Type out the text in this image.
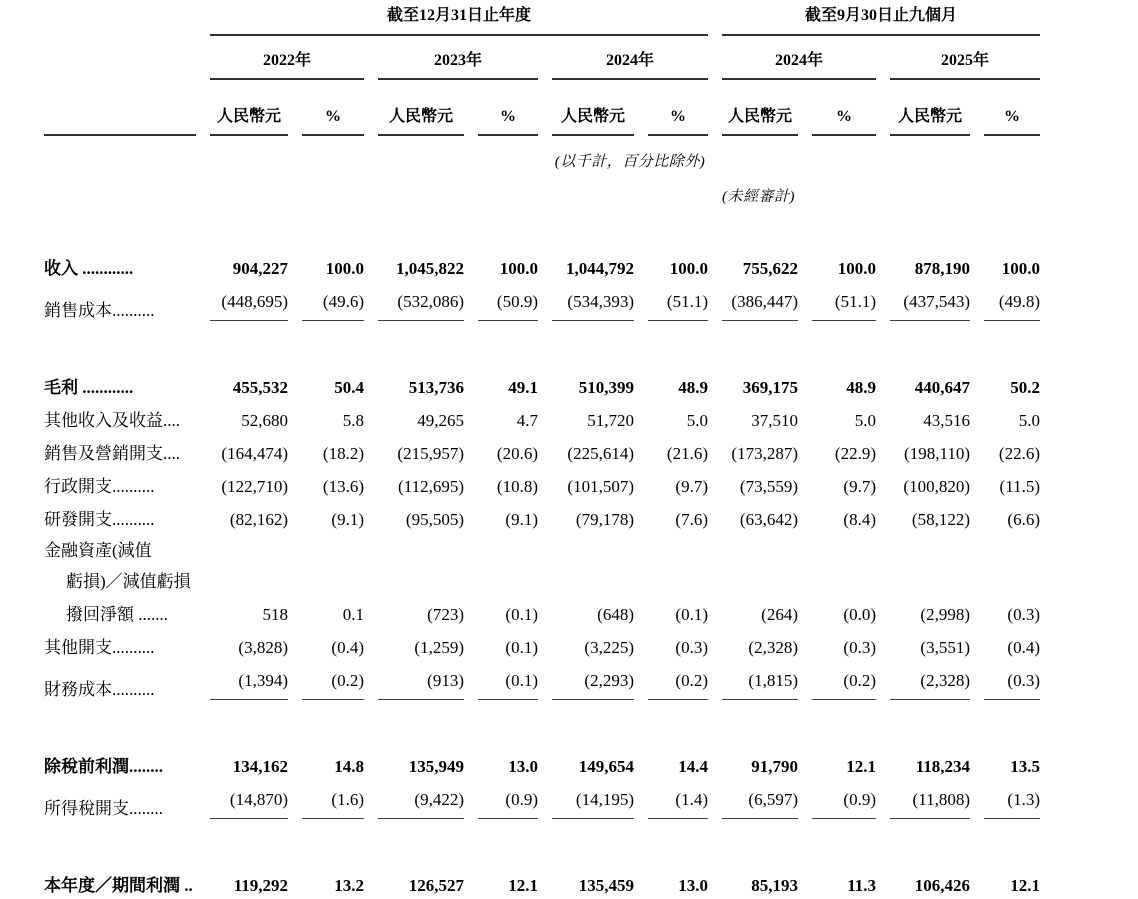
	截至12月31日止年度						截至9月30日止九個月			

	2022年		2023年		2024年		2024年		2025年	

	人民幣元	%	人民幣元	%	人民幣元	%	人民幣元	%	人民幣元	%
					(以千計，百分比除外)					
							(未經審計)			

收入 ............	904,227	100.0	1,045,822	100.0	1,044,792	100.0	755,622	100.0	878,190	100.0
銷售成本..........	(448,695)	(49.6)	(532,086)	(50.9)	(534,393)	(51.1)	(386,447)	(51.1)	(437,543)	(49.8)

毛利 ............	455,532	50.4	513,736	49.1	510,399	48.9	369,175	48.9	440,647	50.2
其他收入及收益....	52,680	5.8	49,265	4.7	51,720	5.0	37,510	5.0	43,516	5.0
銷售及營銷開支....	(164,474)	(18.2)	(215,957)	(20.6)	(225,614)	(21.6)	(173,287)	(22.9)	(198,110)	(22.6)
行政開支..........	(122,710)	(13.6)	(112,695)	(10.8)	(101,507)	(9.7)	(73,559)	(9.7)	(100,820)	(11.5)
研發開支..........	(82,162)	(9.1)	(95,505)	(9.1)	(79,178)	(7.6)	(63,642)	(8.4)	(58,122)	(6.6)
金融資產(減值										
虧損)／減值虧損										
撥回淨額 .......	518	0.1	(723)	(0.1)	(648)	(0.1)	(264)	(0.0)	(2,998)	(0.3)
其他開支..........	(3,828)	(0.4)	(1,259)	(0.1)	(3,225)	(0.3)	(2,328)	(0.3)	(3,551)	(0.4)
財務成本..........	(1,394)	(0.2)	(913)	(0.1)	(2,293)	(0.2)	(1,815)	(0.2)	(2,328)	(0.3)

除稅前利潤........	134,162	14.8	135,949	13.0	149,654	14.4	91,790	12.1	118,234	13.5
所得稅開支........	(14,870)	(1.6)	(9,422)	(0.9)	(14,195)	(1.4)	(6,597)	(0.9)	(11,808)	(1.3)

本年度／期間利潤 ..	119,292	13.2	126,527	12.1	135,459	13.0	85,193	11.3	106,426	12.1
